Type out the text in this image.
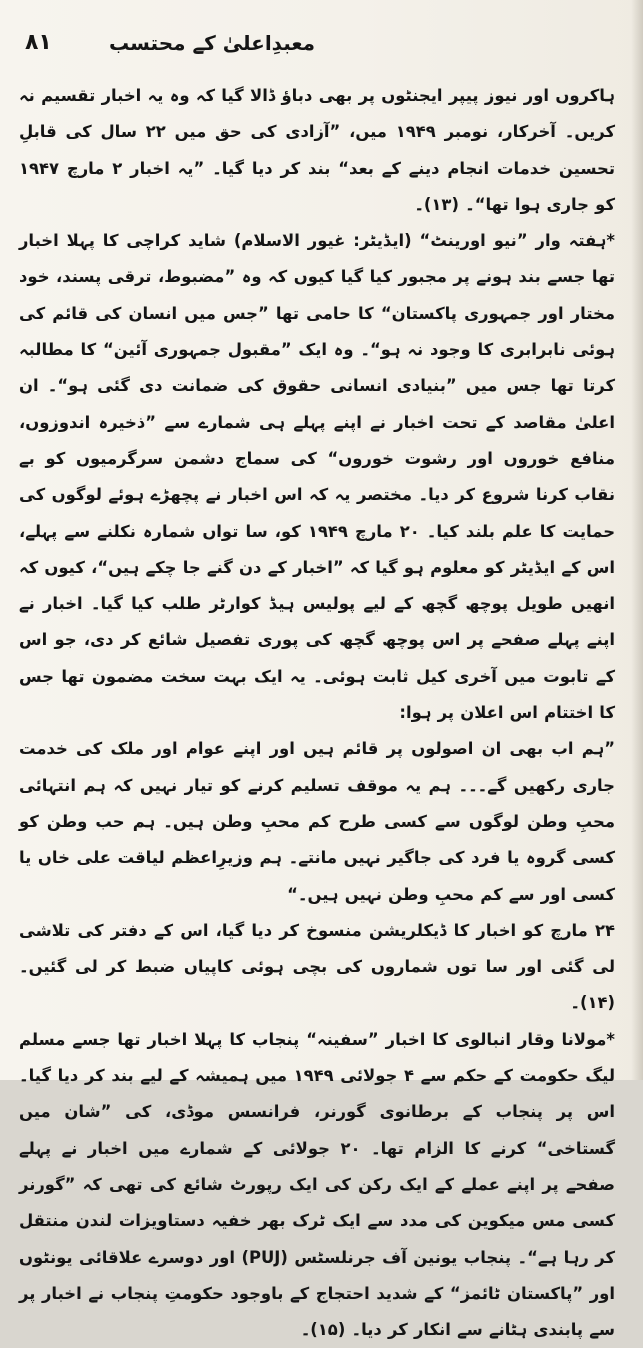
۸۱	معبدِاعلیٰ کے محتسب

ہاکروں اور نیوز پیپر ایجنٹوں پر بھی دباؤ ڈالا گیا کہ وہ یہ اخبار تقسیم نہ کریں۔ آخرکار، نومبر ۱۹۴۹ میں، ”آزادی کی حق میں ۲۲ سال کی قابلِ تحسین خدمات انجام دینے کے بعد“ بند کر دیا گیا۔ ”یہ اخبار ۲ مارچ ۱۹۴۷ کو جاری ہوا تھا“۔ (۱۳)۔

*ہفتہ وار ”نیو اورینٹ“ (ایڈیٹر: غیور الاسلام) شاید کراچی کا پہلا اخبار تھا جسے بند ہونے پر مجبور کیا گیا کیوں کہ وہ ”مضبوط، ترقی پسند، خود مختار اور جمہوری پاکستان“ کا حامی تھا ”جس میں انسان کی قائم کی ہوئی نابرابری کا وجود نہ ہو“۔ وہ ایک ”مقبول جمہوری آئین“ کا مطالبہ کرتا تھا جس میں ”بنیادی انسانی حقوق کی ضمانت دی گئی ہو“۔ ان اعلیٰ مقاصد کے تحت اخبار نے اپنے پہلے ہی شمارے سے ”ذخیرہ اندوزوں، منافع خوروں اور رشوت خوروں“ کی سماج دشمن سرگرمیوں کو بے نقاب کرنا شروع کر دیا۔ مختصر یہ کہ اس اخبار نے پچھڑے ہوئے لوگوں کی حمایت کا علم بلند کیا۔ ۲۰ مارچ ۱۹۴۹ کو، سا تواں شمارہ نکلنے سے پہلے، اس کے ایڈیٹر کو معلوم ہو گیا کہ ”اخبار کے دن گنے جا چکے ہیں“، کیوں کہ انھیں طویل پوچھ گچھ کے لیے پولیس ہیڈ کوارٹر طلب کیا گیا۔ اخبار نے اپنے پہلے صفحے پر اس پوچھ گچھ کی پوری تفصیل شائع کر دی، جو اس کے تابوت میں آخری کیل ثابت ہوئی۔ یہ ایک بہت سخت مضمون تھا جس کا اختتام اس اعلان پر ہوا:

”ہم اب بھی ان اصولوں پر قائم ہیں اور اپنے عوام اور ملک کی خدمت جاری رکھیں گے۔۔۔ ہم یہ موقف تسلیم کرنے کو تیار نہیں کہ ہم انتہائی محبِ وطن لوگوں سے کسی طرح کم محبِ وطن ہیں۔ ہم حب وطن کو کسی گروہ یا فرد کی جاگیر نہیں مانتے۔ ہم وزیرِاعظم لیاقت علی خاں یا کسی اور سے کم محبِ وطن نہیں ہیں۔“

۲۴ مارچ کو اخبار کا ڈیکلریشن منسوخ کر دیا گیا، اس کے دفتر کی تلاشی لی گئی اور سا توں شماروں کی بچی ہوئی کاپیاں ضبط کر لی گئیں۔ (۱۴)۔

*مولانا وقار انبالوی کا اخبار ”سفینہ“ پنجاب کا پہلا اخبار تھا جسے مسلم لیگ حکومت کے حکم سے ۴ جولائی ۱۹۴۹ میں ہمیشہ کے لیے بند کر دیا گیا۔ اس پر پنجاب کے برطانوی گورنر، فرانسس موڈی، کی ”شان میں گستاخی“ کرنے کا الزام تھا۔ ۲۰ جولائی کے شمارے میں اخبار نے پہلے صفحے پر اپنے عملے کے ایک رکن کی ایک رپورٹ شائع کی تھی کہ ”گورنر کسی مس میکوین کی مدد سے ایک ٹرک بھر خفیہ دستاویزات لندن منتقل کر رہا ہے“۔ پنجاب یونین آف جرنلسٹس (PUJ) اور دوسرے علاقائی یونٹوں اور ”پاکستان ٹائمز“ کے شدید احتجاج کے باوجود حکومتِ پنجاب نے اخبار پر سے پابندی ہٹانے سے انکار کر دیا۔ (۱۵)۔
